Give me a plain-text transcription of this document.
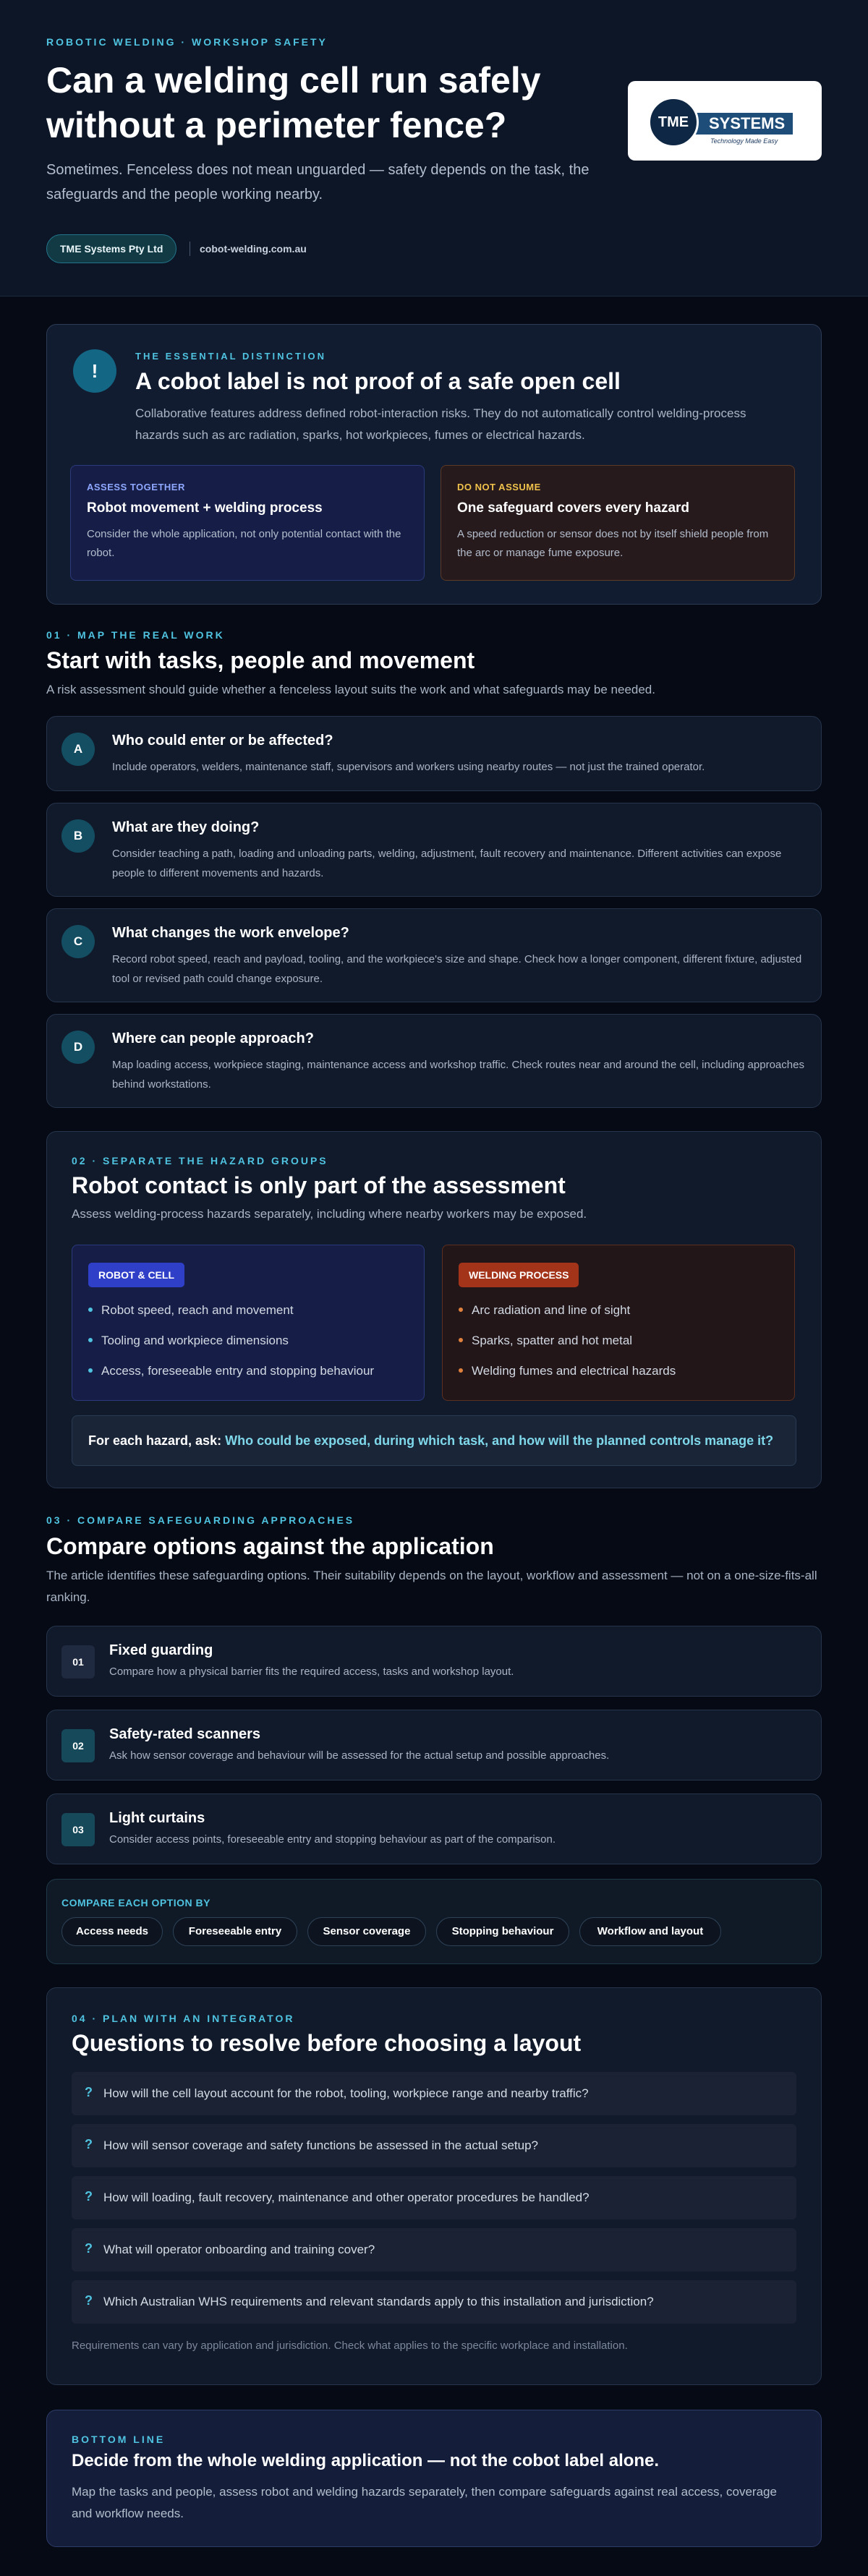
ROBOTIC WELDING · WORKSHOP SAFETY
Can a welding cell run safely without a perimeter fence?

Sometimes. Fenceless does not mean unguarded — safety depends on the task, the safeguards and the people working nearby.

TME Systems Pty Ltd	cobot-welding.com.au
TME	SYSTEMS
Technology Made Easy
!
THE ESSENTIAL DISTINCTION
A cobot label is not proof of a safe open cell

Collaborative features address defined robot-interaction risks. They do not automatically control welding-process hazards such as arc radiation, sparks, hot workpieces, fumes or electrical hazards.

ASSESS TOGETHER
Robot movement + welding process
Consider the whole application, not only potential contact with the robot.
DO NOT ASSUME
One safeguard covers every hazard
A speed reduction or sensor does not by itself shield people from the arc or manage fume exposure.
01 · MAP THE REAL WORK
Start with tasks, people and movement

A risk assessment should guide whether a fenceless layout suits the work and what safeguards may be needed.

A
Who could enter or be affected?
Include operators, welders, maintenance staff, supervisors and workers using nearby routes — not just the trained operator.
B
What are they doing?
Consider teaching a path, loading and unloading parts, welding, adjustment, fault recovery and maintenance. Different activities can expose people to different movements and hazards.
C
What changes the work envelope?
Record robot speed, reach and payload, tooling, and the workpiece's size and shape. Check how a longer component, different fixture, adjusted tool or revised path could change exposure.
D
Where can people approach?
Map loading access, workpiece staging, maintenance access and workshop traffic. Check routes near and around the cell, including approaches behind workstations.
02 · SEPARATE THE HAZARD GROUPS
Robot contact is only part of the assessment

Assess welding-process hazards separately, including where nearby workers may be exposed.

ROBOT & CELL
Robot speed, reach and movement
Tooling and workpiece dimensions
Access, foreseeable entry and stopping behaviour
WELDING PROCESS
Arc radiation and line of sight
Sparks, spatter and hot metal
Welding fumes and electrical hazards
For each hazard, ask: Who could be exposed, during which task, and how will the planned controls manage it?
03 · COMPARE SAFEGUARDING APPROACHES
Compare options against the application

The article identifies these safeguarding options. Their suitability depends on the layout, workflow and assessment — not on a one-size-fits-all ranking.

01
Fixed guarding
Compare how a physical barrier fits the required access, tasks and workshop layout.
02
Safety-rated scanners
Ask how sensor coverage and behaviour will be assessed for the actual setup and possible approaches.
03
Light curtains
Consider access points, foreseeable entry and stopping behaviour as part of the comparison.
COMPARE EACH OPTION BY
Access needs	Foreseeable entry	Sensor coverage	Stopping behaviour	Workflow and layout
04 · PLAN WITH AN INTEGRATOR
Questions to resolve before choosing a layout
? How will the cell layout account for the robot, tooling, workpiece range and nearby traffic?
? How will sensor coverage and safety functions be assessed in the actual setup?
? How will loading, fault recovery, maintenance and other operator procedures be handled?
? What will operator onboarding and training cover?
? Which Australian WHS requirements and relevant standards apply to this installation and jurisdiction?

Requirements can vary by application and jurisdiction. Check what applies to the specific workplace and installation.

BOTTOM LINE
Decide from the whole welding application — not the cobot label alone.

Map the tasks and people, assess robot and welding hazards separately, then compare safeguards against real access, coverage and workflow needs.
